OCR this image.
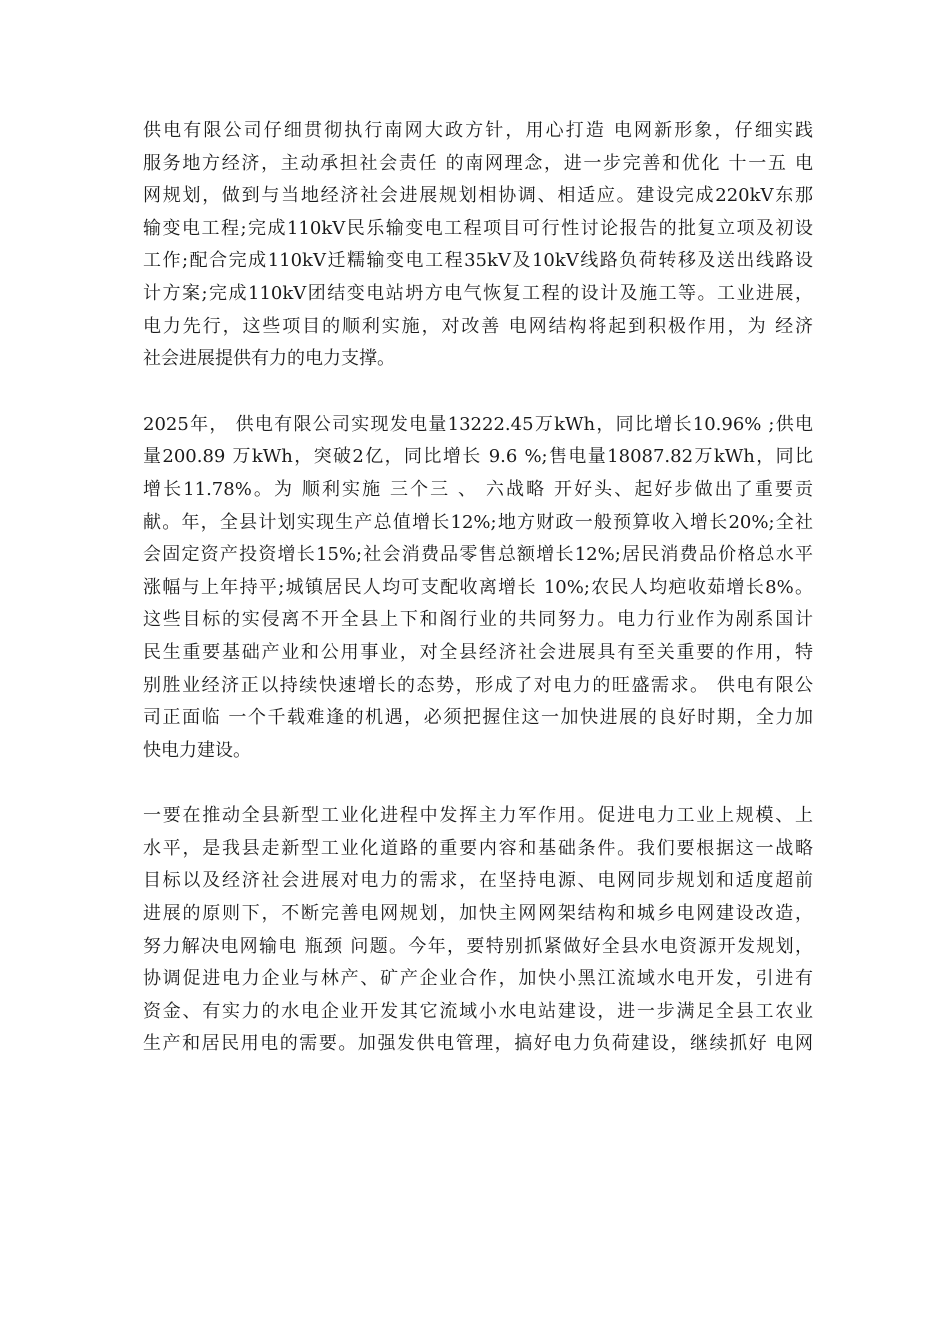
供电有限公司仔细贯彻执行南网大政方针，用心打造 电网新形象，仔细实践
服务地方经济，主动承担社会责任 的南网理念，进一步完善和优化 十一五 电
网规划，做到与当地经济社会进展规划相协调、相适应。建设完成220kV东那
输变电工程;完成110kV民乐输变电工程项目可行性讨论报告的批复立项及初设
工作;配合完成110kV迁糯输变电工程35kV及10kV线路负荷转移及送出线路设
计方案;完成110kV团结变电站坍方电气恢复工程的设计及施工等。工业进展，
电力先行，这些项目的顺利实施，对改善 电网结构将起到积极作用，为 经济
社会进展提供有力的电力支撑。
2025年， 供电有限公司实现发电量13222.45万kWh，同比增长10.96% ;供电
量200.89 万kWh，突破2亿，同比增长 9.6 %;售电量18087.82万kWh，同比
增长11.78%。为 顺利实施 三个三 、 六战略 开好头、起好步做出了重要贡
献。年，全县计划实现生产总值增长12%;地方财政一般预算收入增长20%;全社
会固定资产投资增长15%;社会消费品零售总额增长12%;居民消费品价格总水平
涨幅与上年持平;城镇居民人均可支配收离增长 10%;农民人均疤收茹增长8%。
这些目标的实侵离不开全县上下和阁行业的共同努力。电力行业作为剐系国计
民生重要基础产业和公用事业，对全县经济社会进展具有至关重要的作用，特
别胜业经济正以持续快速增长的态势，形成了对电力的旺盛需求。 供电有限公
司正面临 一个千载难逢的机遇，必须把握住这一加快进展的良好时期，全力加
快电力建设。
一要在推动全县新型工业化进程中发挥主力军作用。促进电力工业上规模、上
水平，是我县走新型工业化道路的重要内容和基础条件。我们要根据这一战略
目标以及经济社会进展对电力的需求，在坚持电源、电网同步规划和适度超前
进展的原则下，不断完善电网规划，加快主网网架结构和城乡电网建设改造，
努力解决电网输电 瓶颈 问题。今年，要特别抓紧做好全县水电资源开发规划，
协调促进电力企业与林产、矿产企业合作，加快小黑江流域水电开发，引进有
资金、有实力的水电企业开发其它流域小水电站建设，进一步满足全县工农业
生产和居民用电的需要。加强发供电管理，搞好电力负荷建设，继续抓好 电网
